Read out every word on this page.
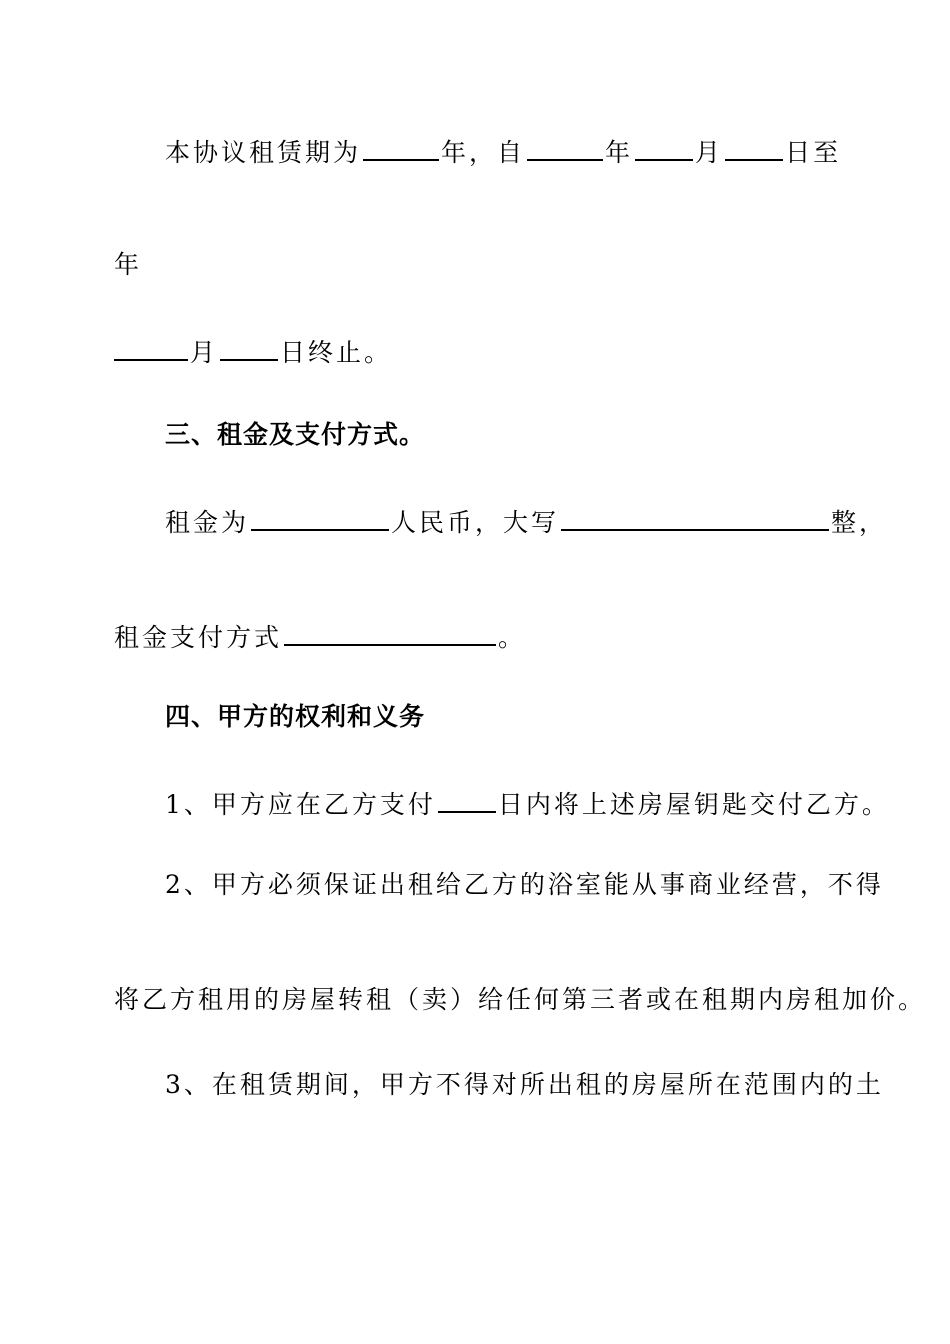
本协议租赁期为	年，自	年 月 日至
年
月 日终止。
三、租金及支付方式。
租金为	人民币，大写	整，
租金支付方式	。
四、甲方的权利和义务
1、甲方应在乙方支付 日内将上述房屋钥匙交付乙方。
2、甲方必须保证出租给乙方的浴室能从事商业经营，不得
将乙方租用的房屋转租（卖）给任何第三者或在租期内房租加价。
3、在租赁期间，甲方不得对所出租的房屋所在范围内的土
